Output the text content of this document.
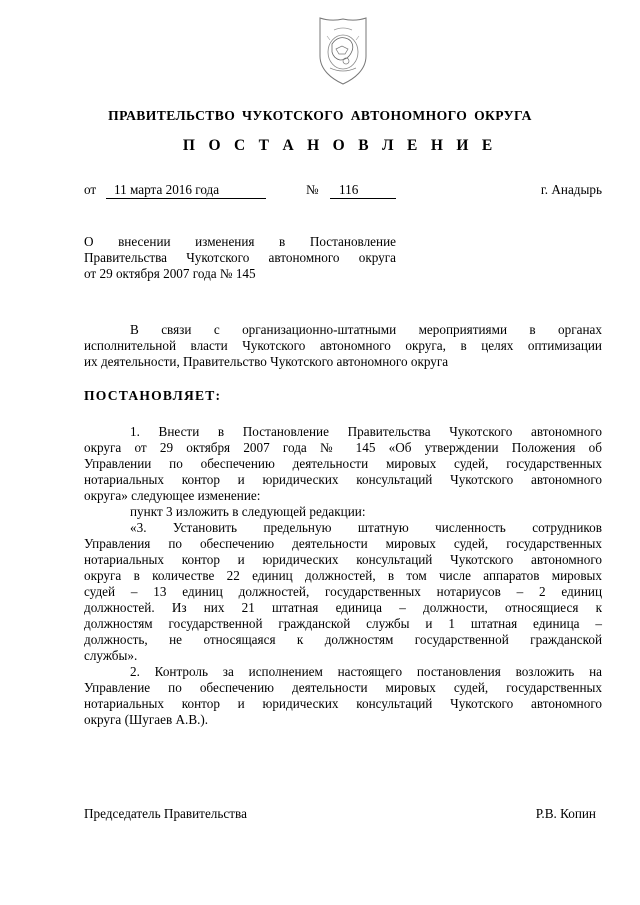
ПРАВИТЕЛЬСТВО ЧУКОТСКОГО АВТОНОМНОГО ОКРУГА
П О С Т А Н О В Л Е Н И Е
от 11 марта 2016 года	№ 116	г. Анадырь
О внесении изменения в Постановление
Правительства Чукотского автономного округа
от 29 октября 2007 года № 145
В связи с организационно-штатными мероприятиями в органах
исполнительной власти Чукотского автономного округа, в целях оптимизации
их деятельности, Правительство Чукотского автономного округа
ПОСТАНОВЛЯЕТ:
1. Внести в Постановление Правительства Чукотского автономного
округа от 29 октября 2007 года № 145 «Об утверждении Положения об
Управлении по обеспечению деятельности мировых судей, государственных
нотариальных контор и юридических консультаций Чукотского автономного
округа» следующее изменение:
пункт 3 изложить в следующей редакции:
«3. Установить предельную штатную численность сотрудников
Управления по обеспечению деятельности мировых судей, государственных
нотариальных контор и юридических консультаций Чукотского автономного
округа в количестве 22 единиц должностей, в том числе аппаратов мировых
судей – 13 единиц должностей, государственных нотариусов – 2 единиц
должностей. Из них 21 штатная единица – должности, относящиеся к
должностям государственной гражданской службы и 1 штатная единица –
должность, не относящаяся к должностям государственной гражданской
службы».
2. Контроль за исполнением настоящего постановления возложить на
Управление по обеспечению деятельности мировых судей, государственных
нотариальных контор и юридических консультаций Чукотского автономного
округа (Шугаев А.В.).
Председатель Правительства	Р.В. Копин
